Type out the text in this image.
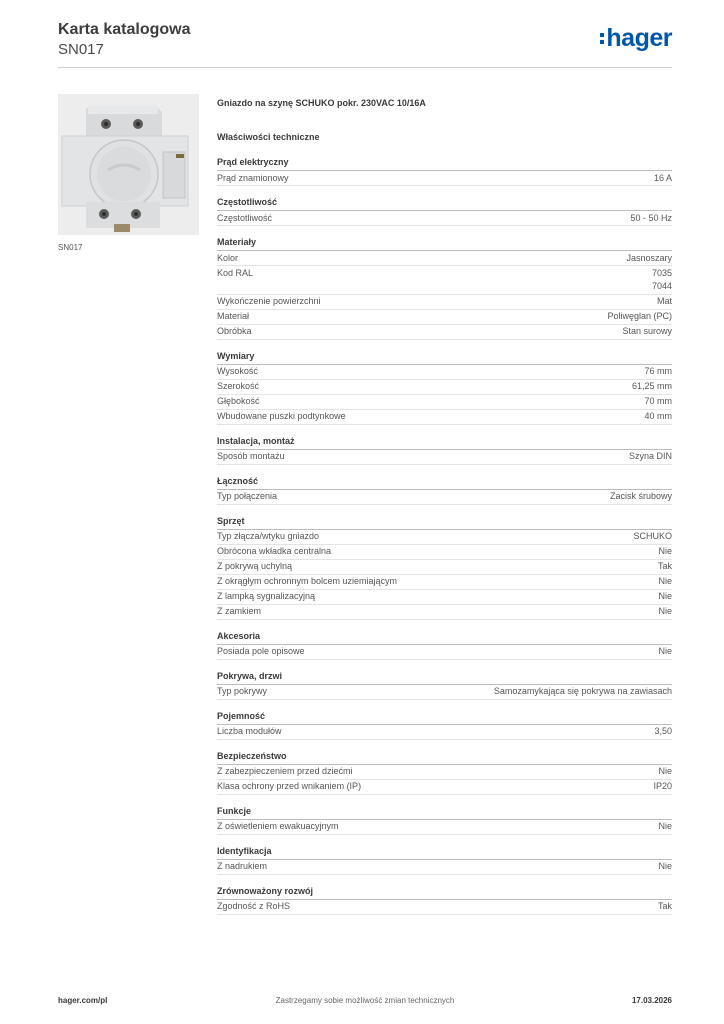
Karta katalogowa
SN017	hager
SN017
Gniazdo na szynę SCHUKO pokr. 230VAC 10/16A
Właściwości techniczne
Prąd elektryczny
Prąd znamionowy	16 A
Częstotliwość
Częstotliwość	50 - 50 Hz
Materiały
Kolor	Jasnoszary
Kod RAL	7035
7044
Wykończenie powierzchni	Mat
Materiał	Poliwęglan (PC)
Obróbka	Stan surowy
Wymiary
Wysokość	76 mm
Szerokość	61,25 mm
Głębokość	70 mm
Wbudowane puszki podtynkowe	40 mm
Instalacja, montaż
Sposób montażu	Szyna DIN
Łączność
Typ połączenia	Zacisk śrubowy
Sprzęt
Typ złącza/wtyku gniazdo	SCHUKO
Obrócona wkładka centralna	Nie
Z pokrywą uchylną	Tak
Z okrągłym ochronnym bolcem uziemiającym	Nie
Z lampką sygnalizacyjną	Nie
Z zamkiem	Nie
Akcesoria
Posiada pole opisowe	Nie
Pokrywa, drzwi
Typ pokrywy	Samozamykająca się pokrywa na zawiasach
Pojemność
Liczba modułów	3,50
Bezpieczeństwo
Z zabezpieczeniem przed dziećmi	Nie
Klasa ochrony przed wnikaniem (IP)	IP20
Funkcje
Z oświetleniem ewakuacyjnym	Nie
Identyfikacja
Z nadrukiem	Nie
Zrównoważony rozwój
Zgodność z RoHS	Tak
hager.com/pl	Zastrzegamy sobie możliwość zmian technicznych	17.03.2026
